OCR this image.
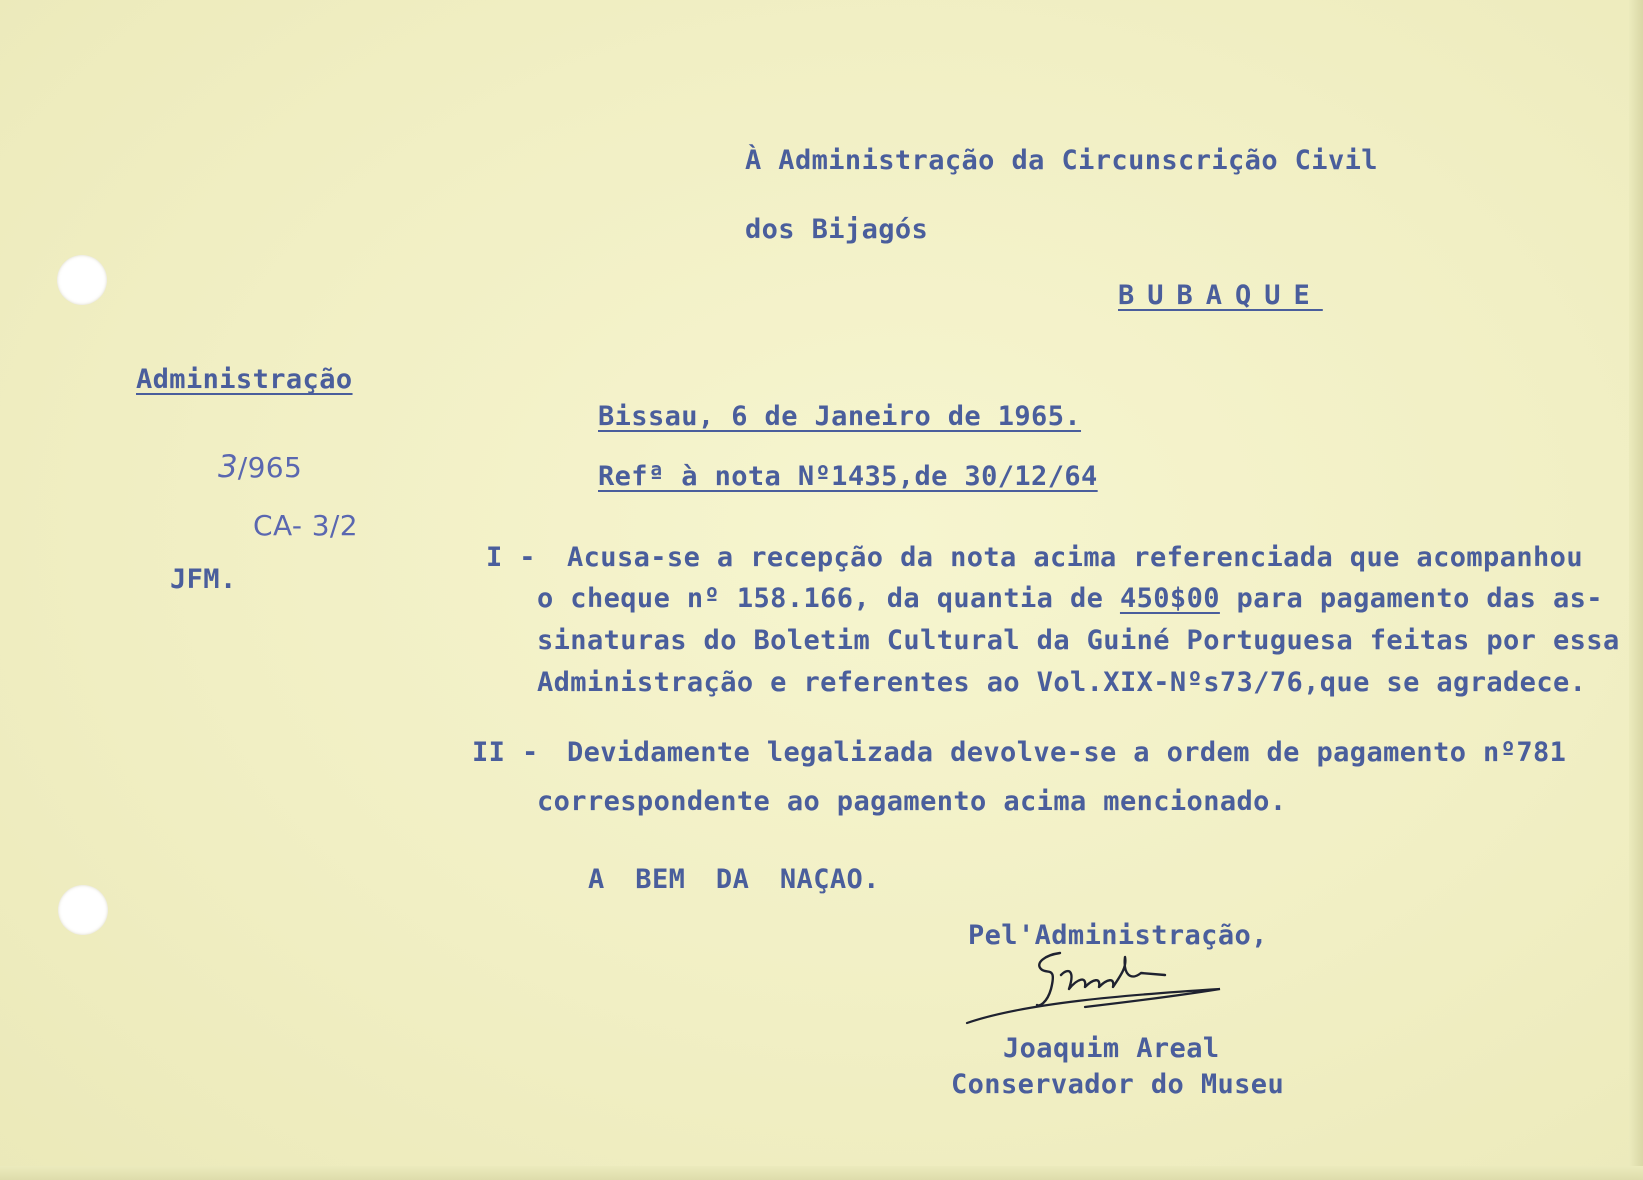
À Administração da Circunscrição Civil
dos Bijagós
BUBAQUE
Administração
3/965
CA- 3/2
JFM.
Bissau, 6 de Janeiro de 1965.
Refª à nota Nº1435,de 30/12/64
I - Acusa-se a recepção da nota acima referenciada que acompanhou
o cheque nº 158.166, da quantia de 450$00 para pagamento das as-
sinaturas do Boletim Cultural da Guiné Portuguesa feitas por essa
Administração e referentes ao Vol.XIX-Nºs73/76,que se agradece.
II - Devidamente legalizada devolve-se a ordem de pagamento nº781
correspondente ao pagamento acima mencionado.
A BEM DA NAÇAO.
Pel'Administração,
Joaquim Areal
Conservador do Museu
